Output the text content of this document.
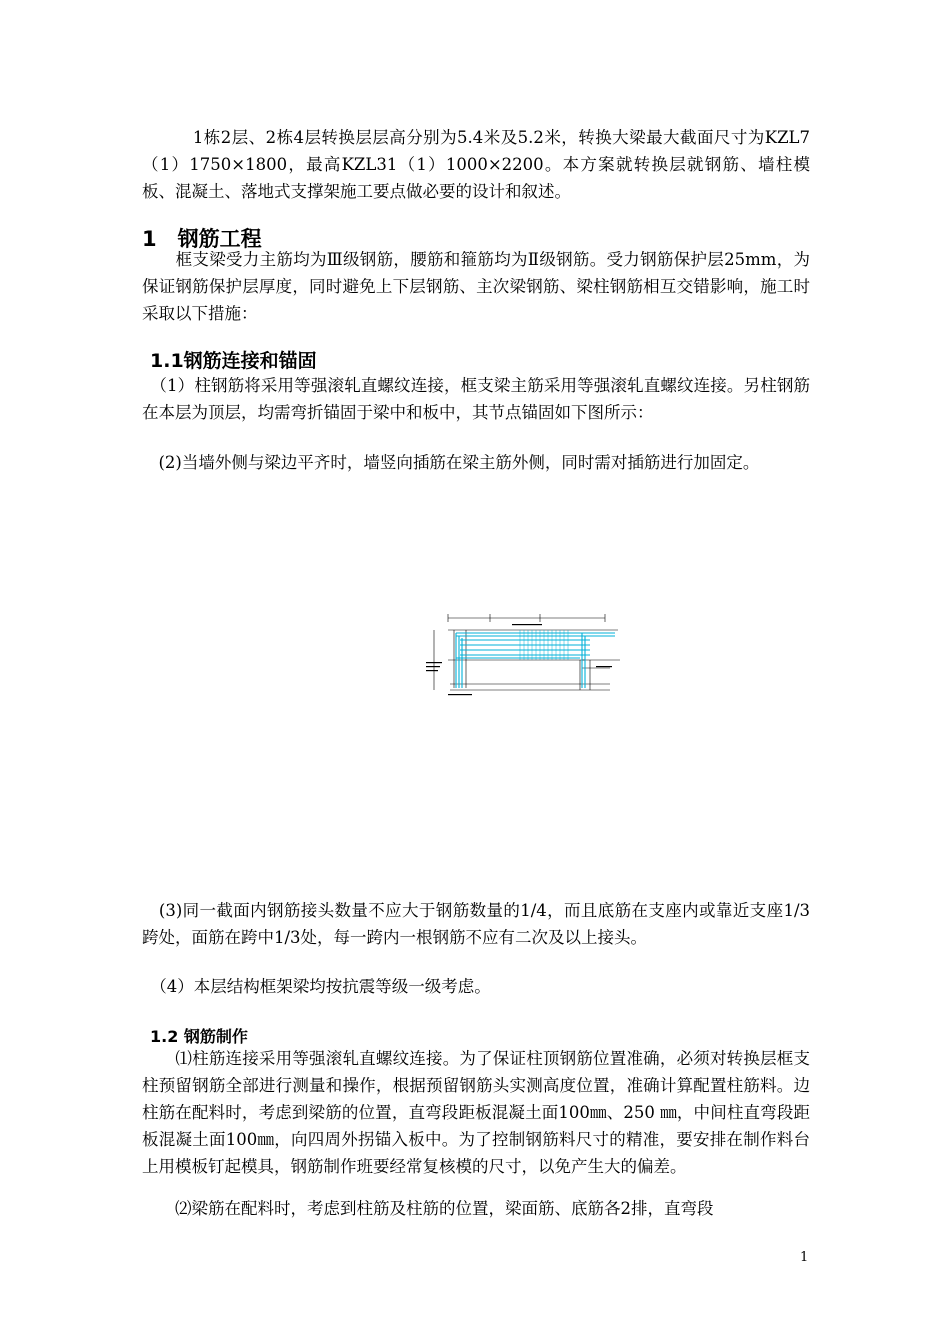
　　　1栋2层、2栋4层转换层层高分别为5.4米及5.2米，转换大梁最大截面尺寸为KZL7（1）1750×1800，最高KZL31（1）1000×2200。本方案就转换层就钢筋、墙柱模板、混凝土、落地式支撑架施工要点做必要的设计和叙述。

1　钢筋工程

　　框支梁受力主筋均为Ⅲ级钢筋，腰筋和箍筋均为Ⅱ级钢筋。受力钢筋保护层25mm，为保证钢筋保护层厚度，同时避免上下层钢筋、主次梁钢筋、梁柱钢筋相互交错影响，施工时采取以下措施：

1.1钢筋连接和锚固

　（1）柱钢筋将采用等强滚轧直螺纹连接，框支梁主筋采用等强滚轧直螺纹连接。另柱钢筋在本层为顶层，均需弯折锚固于梁中和板中，其节点锚固如下图所示：

　(2)当墙外侧与梁边平齐时，墙竖向插筋在梁主筋外侧，同时需对插筋进行加固定。

　(3)同一截面内钢筋接头数量不应大于钢筋数量的1/4，而且底筋在支座内或靠近支座1/3跨处，面筋在跨中1/3处，每一跨内一根钢筋不应有二次及以上接头。

　（4）本层结构框架梁均按抗震等级一级考虑。

1.2 钢筋制作

　　⑴柱筋连接采用等强滚轧直螺纹连接。为了保证柱顶钢筋位置准确，必须对转换层框支柱预留钢筋全部进行测量和操作，根据预留钢筋头实测高度位置，准确计算配置柱筋料。边柱筋在配料时，考虑到梁筋的位置，直弯段距板混凝土面100㎜、250 ㎜，中间柱直弯段距板混凝土面100㎜，向四周外拐锚入板中。为了控制钢筋料尺寸的精准，要安排在制作料台上用模板钉起模具，钢筋制作班要经常复核模的尺寸，以免产生大的偏差。

　　⑵梁筋在配料时，考虑到柱筋及柱筋的位置，梁面筋、底筋各2排，直弯段

1
